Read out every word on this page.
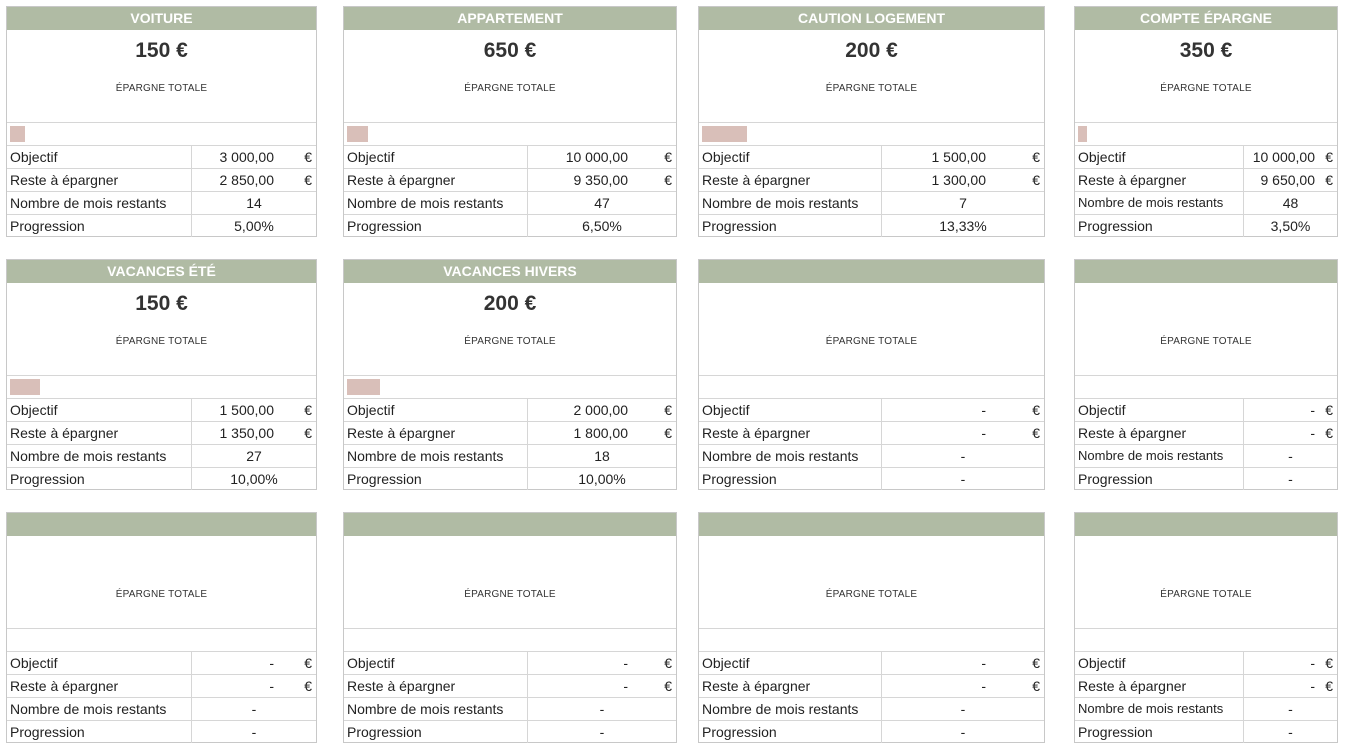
VOITURE
150 €
ÉPARGNE TOTALE
Objectif	3 000,00 €
Reste à épargner	2 850,00 €
Nombre de mois restants	14
Progression	5,00%
APPARTEMENT
650 €
ÉPARGNE TOTALE
Objectif	10 000,00	€
Reste à épargner	9 350,00	€
Nombre de mois restants	47
Progression	6,50%
CAUTION LOGEMENT
200 €
ÉPARGNE TOTALE
Objectif	1 500,00	€
Reste à épargner	1 300,00	€
Nombre de mois restants	7
Progression	13,33%
COMPTE ÉPARGNE
350 €
ÉPARGNE TOTALE
Objectif	10 000,00 €
Reste à épargner	9 650,00 €
Nombre de mois restants	48
Progression	3,50%
VACANCES ÉTÉ
150 €
ÉPARGNE TOTALE
Objectif	1 500,00 €
Reste à épargner	1 350,00 €
Nombre de mois restants	27
Progression	10,00%
VACANCES HIVERS
200 €
ÉPARGNE TOTALE
Objectif	2 000,00	€
Reste à épargner	1 800,00	€
Nombre de mois restants	18
Progression	10,00%
ÉPARGNE TOTALE
Objectif	-	€
Reste à épargner	-	€
Nombre de mois restants	-
Progression	-
ÉPARGNE TOTALE
Objectif	- €
Reste à épargner	- €
Nombre de mois restants	-
Progression	-
ÉPARGNE TOTALE
Objectif	- €
Reste à épargner	- €
Nombre de mois restants	-
Progression	-
ÉPARGNE TOTALE
Objectif	-	€
Reste à épargner	-	€
Nombre de mois restants	-
Progression	-
ÉPARGNE TOTALE
Objectif	-	€
Reste à épargner	-	€
Nombre de mois restants	-
Progression	-
ÉPARGNE TOTALE
Objectif	- €
Reste à épargner	- €
Nombre de mois restants	-
Progression	-
